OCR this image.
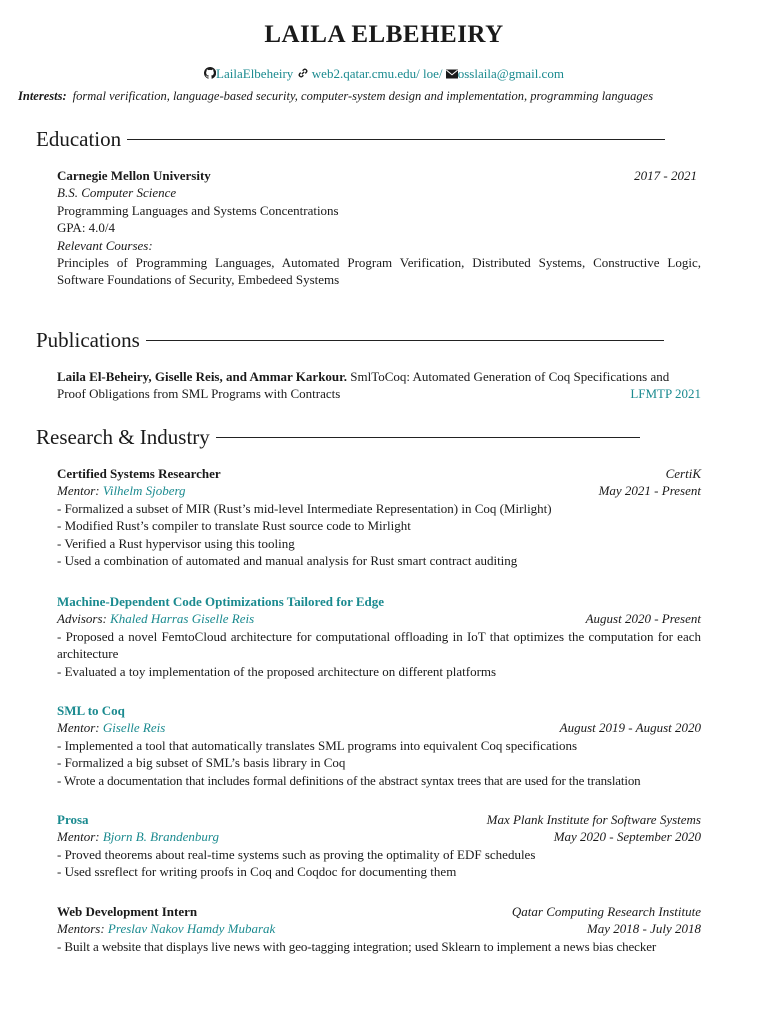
LAILA ELBEHEIRY
LailaElbeheiry web2.qatar.cmu.edu/ loe/ osslaila@gmail.com
Interests: formal verification, language-based security, computer-system design and implementation, programming languages
Education
Carnegie Mellon University	2017 - 2021
B.S. Computer Science
Programming Languages and Systems Concentrations
GPA: 4.0/4
Relevant Courses:
Principles of Programming Languages, Automated Program Verification, Distributed Systems, Constructive Logic, Software Foundations of Security, Embedeed Systems
Publications
Laila El-Beheiry, Giselle Reis, and Ammar Karkour. SmlToCoq: Automated Generation of Coq Specifications and
Proof Obligations from SML Programs with Contracts	LFMTP 2021
Research & Industry
Certified Systems Researcher	CertiK
Mentor: Vilhelm Sjoberg	May 2021 - Present
- Formalized a subset of MIR (Rust’s mid-level Intermediate Representation) in Coq (Mirlight)
- Modified Rust’s compiler to translate Rust source code to Mirlight
- Verified a Rust hypervisor using this tooling
- Used a combination of automated and manual analysis for Rust smart contract auditing
Machine-Dependent Code Optimizations Tailored for Edge
Advisors: Khaled Harras Giselle Reis	August 2020 - Present
- Proposed a novel FemtoCloud architecture for computational offloading in IoT that optimizes the computation for each architecture
- Evaluated a toy implementation of the proposed architecture on different platforms
SML to Coq
Mentor: Giselle Reis	August 2019 - August 2020
- Implemented a tool that automatically translates SML programs into equivalent Coq specifications
- Formalized a big subset of SML’s basis library in Coq
- Wrote a documentation that includes formal definitions of the abstract syntax trees that are used for the translation
Prosa	Max Plank Institute for Software Systems
Mentor: Bjorn B. Brandenburg	May 2020 - September 2020
- Proved theorems about real-time systems such as proving the optimality of EDF schedules
- Used ssreflect for writing proofs in Coq and Coqdoc for documenting them
Web Development Intern	Qatar Computing Research Institute
Mentors: Preslav Nakov Hamdy Mubarak	May 2018 - July 2018
- Built a website that displays live news with geo-tagging integration; used Sklearn to implement a news bias checker
